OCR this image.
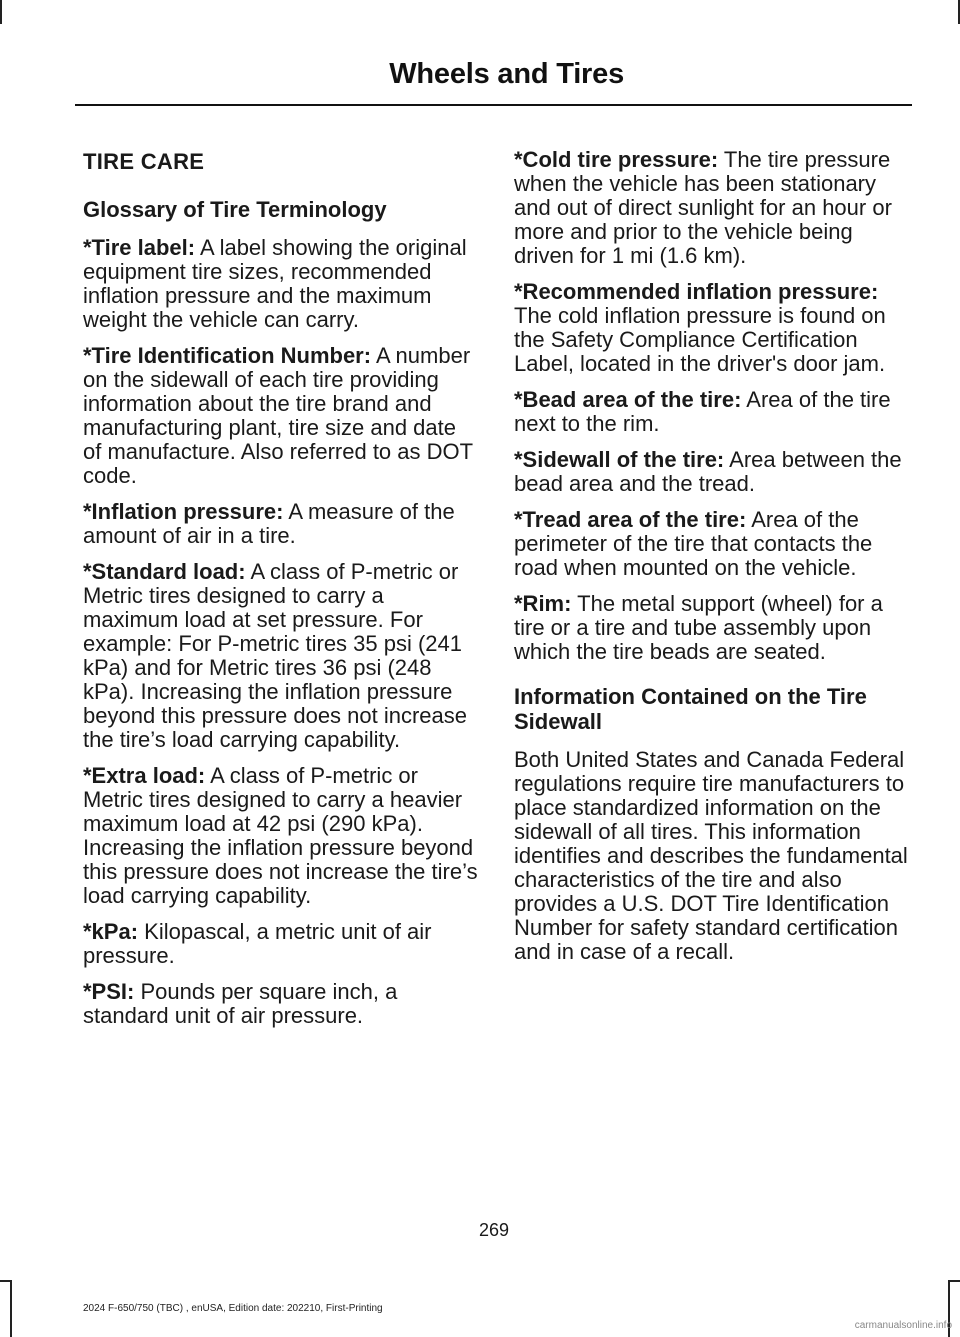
Wheels and Tires
TIRE CARE
Glossary of Tire Terminology

*Tire label: A label showing the original equipment tire sizes, recommended inflation pressure and the maximum weight the vehicle can carry.

*Tire Identification Number: A number on the sidewall of each tire providing information about the tire brand and manufacturing plant, tire size and date of manufacture. Also referred to as DOT code.

*Inflation pressure: A measure of the amount of air in a tire.

*Standard load: A class of P-metric or Metric tires designed to carry a maximum load at set pressure. For example: For P-metric tires 35 psi (241 kPa) and for Metric tires 36 psi (248 kPa). Increasing the inflation pressure beyond this pressure does not increase the tire’s load carrying capability.

*Extra load: A class of P-metric or Metric tires designed to carry a heavier maximum load at 42 psi (290 kPa). Increasing the inflation pressure beyond this pressure does not increase the tire’s load carrying capability.

*kPa: Kilopascal, a metric unit of air pressure.

*PSI: Pounds per square inch, a standard unit of air pressure.

*Cold tire pressure: The tire pressure when the vehicle has been stationary and out of direct sunlight for an hour or more and prior to the vehicle being driven for 1 mi (1.6 km).

*Recommended inflation pressure: The cold inflation pressure is found on the Safety Compliance Certification Label, located in the driver's door jam.

*Bead area of the tire: Area of the tire next to the rim.

*Sidewall of the tire: Area between the bead area and the tread.

*Tread area of the tire: Area of the perimeter of the tire that contacts the road when mounted on the vehicle.

*Rim: The metal support (wheel) for a tire or a tire and tube assembly upon which the tire beads are seated.

Information Contained on the Tire Sidewall

Both United States and Canada Federal regulations require tire manufacturers to place standardized information on the sidewall of all tires. This information identifies and describes the fundamental characteristics of the tire and also provides a U.S. DOT Tire Identification Number for safety standard certification and in case of a recall.

269
2024 F-650/750 (TBC) , enUSA, Edition date: 202210, First-Printing
carmanualsonline.info
